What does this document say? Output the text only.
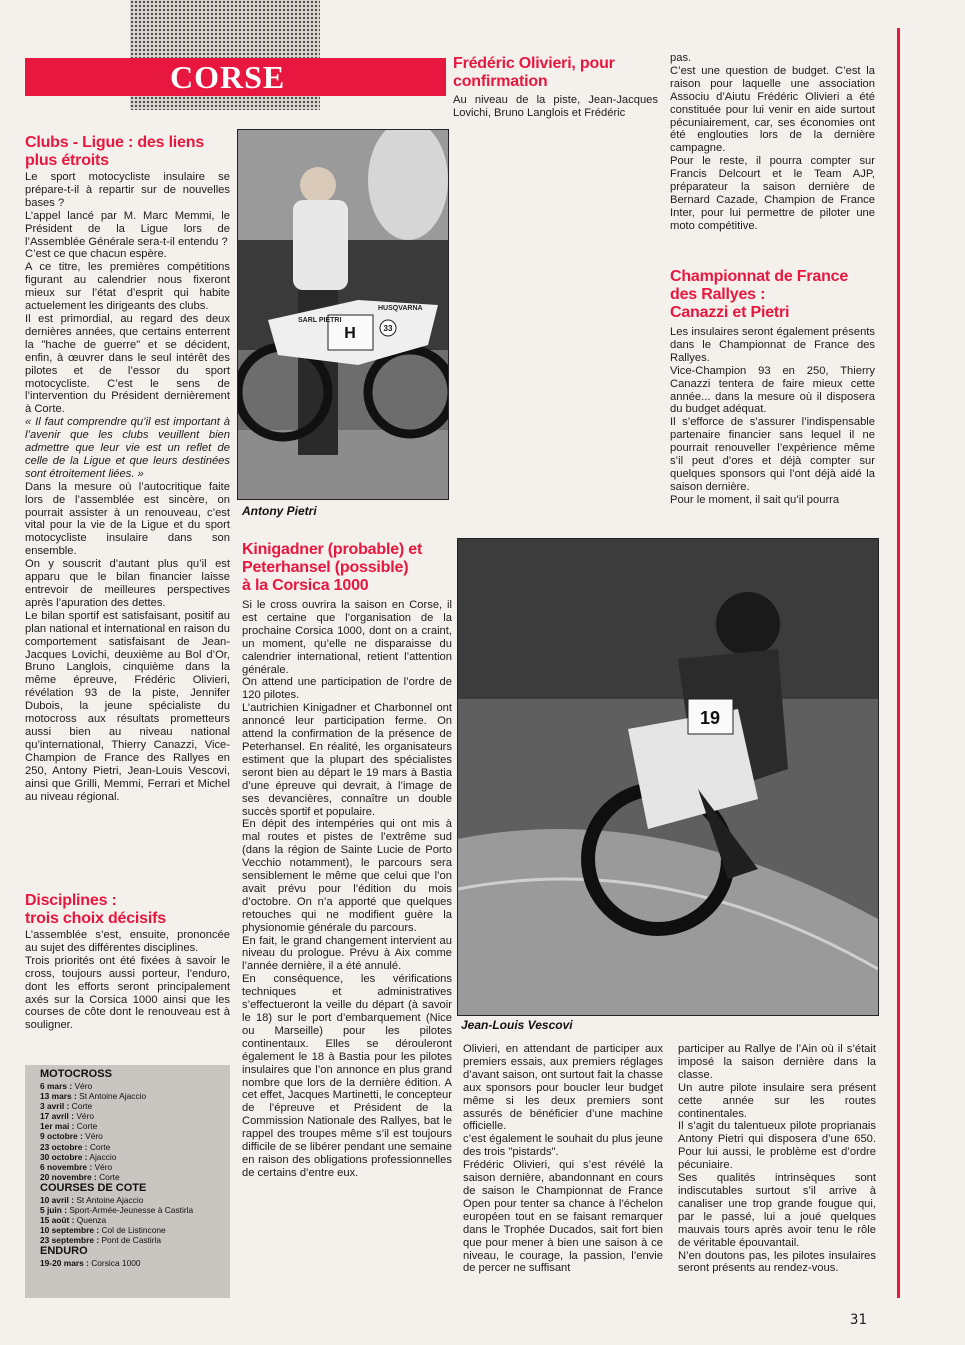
CORSE
Clubs - Ligue : des liens
plus étroits

Le sport motocycliste insulaire se prépare-t-il à repartir sur de nouvelles bases ?

L’appel lancé par M. Marc Memmi, le Président de la Ligue lors de l’Assemblée Générale sera-t-il entendu ?

C’est ce que chacun espère.

A ce titre, les premières compétitions figurant au calendrier nous fixeront mieux sur l’état d’esprit qui habite actuelement les dirigeants des clubs.

Il est primordial, au regard des deux dernières années, que certains enterrent la "hache de guerre" et se décident, enfin, à œuvrer dans le seul intérêt des pilotes et de l’essor du sport motocycliste. C’est le sens de l’intervention du Président dernièrement à Corte.

« Il faut comprendre qu’il est important à l’avenir que les clubs veuillent bien admettre que leur vie est un reflet de celle de la Ligue et que leurs destinées sont étroitement liées. »

Dans la mesure où l’autocritique faite lors de l’assemblée est sincère, on pourrait assister à un renouveau, c’est vital pour la vie de la Ligue et du sport motocycliste insulaire dans son ensemble.

On y souscrit d’autant plus qu’il est apparu que le bilan financier laisse entrevoir de meilleures perspectives après l’apuration des dettes.

Le bilan sportif est satisfaisant, positif au plan national et international en raison du comportement satisfaisant de Jean-Jacques Lovichi, deuxième au Bol d’Or, Bruno Langlois, cinquième dans la même épreuve, Frédéric Olivieri, révélation 93 de la piste, Jennifer Dubois, la jeune spécialiste du motocross aux résultats prometteurs aussi bien au niveau national qu’international, Thierry Canazzi, Vice-Champion de France des Rallyes en 250, Antony Pietri, Jean-Louis Vescovi, ainsi que Grilli, Memmi, Ferrari et Michel au niveau régional.

Disciplines :
trois choix décisifs

L’assemblée s’est, ensuite, prononcée au sujet des différentes disciplines.

Trois priorités ont été fixées à savoir le cross, toujours aussi porteur, l’enduro, dont les efforts seront principalement axés sur la Corsica 1000 ainsi que les courses de côte dont le renouveau est à souligner.

MOTOCROSS
6 mars : Véro
13 mars : St Antoine Ajaccio
3 avril : Corte
17 avril : Véro
1er mai : Corte
9 octobre : Véro
23 octobre : Corte
30 octobre : Ajaccio
6 novembre : Véro
20 novembre : Corte
COURSES DE COTE
10 avril : St Antoine Ajaccio
5 juin : Sport-Armée-Jeunesse à Castirla
15 août : Quenza
10 septembre : Col de Listincone
23 septembre : Pont de Castirla
ENDURO
19-20 mars : Corsica 1000
H
SARL PIETRI
HUSQVARNA
33
Antony Pietri
Frédéric Olivieri, pour
confirmation

Au niveau de la piste, Jean-Jacques Lovichi, Bruno Langlois et Frédéric

pas.

C’est une question de budget. C’est la raison pour laquelle une association Associu d’Aiutu Frédéric Olivieri a été constituée pour lui venir en aide surtout pécuniairement, car, ses économies ont été englouties lors de la dernière campagne.

Pour le reste, il pourra compter sur Francis Delcourt et le Team AJP, préparateur la saison dernière de Bernard Cazade, Champion de France Inter, pour lui permettre de piloter une moto compétitive.

Championnat de France
des Rallyes :
Canazzi et Pietri

Les insulaires seront également présents dans le Championnat de France des Rallyes.

Vice-Champion 93 en 250, Thierry Canazzi tentera de faire mieux cette année... dans la mesure où il disposera du budget adéquat.

Il s’efforce de s’assurer l’indispensable partenaire financier sans lequel il ne pourrait renouveller l’expérience même s’il peut d’ores et déjà compter sur quelques sponsors qui l’ont déjà aidé la saison dernière.

Pour le moment, il sait qu’il pourra

Kinigadner (probable) et
Peterhansel (possible)
à la Corsica 1000

Si le cross ouvrira la saison en Corse, il est certaine que l’organisation de la prochaine Corsica 1000, dont on a craint, un moment, qu’elle ne disparaisse du calendrier international, retient l’attention générale.

On attend une participation de l’ordre de 120 pilotes.

L’autrichien Kinigadner et Charbonnel ont annoncé leur participation ferme. On attend la confirmation de la présence de Peterhansel. En réalité, les organisateurs estiment que la plupart des spécialistes seront bien au départ le 19 mars à Bastia d’une épreuve qui devrait, à l’image de ses devancières, connaître un double succès sportif et populaire.

En dépit des intempéries qui ont mis à mal routes et pistes de l’extrême sud (dans la région de Sainte Lucie de Porto Vecchio notamment), le parcours sera sensiblement le même que celui que l’on avait prévu pour l’édition du mois d’octobre. On n’a apporté que quelques retouches qui ne modifient guère la physionomie générale du parcours.

En fait, le grand changement intervient au niveau du prologue. Prévu à Aix comme l’année dernière, il a été annulé.

En conséquence, les vérifications techniques et administratives s’effectueront la veille du départ (à savoir le 18) sur le port d’embarquement (Nice ou Marseille) pour les pilotes continentaux. Elles se dérouleront également le 18 à Bastia pour les pilotes insulaires que l’on annonce en plus grand nombre que lors de la dernière édition. A cet effet, Jacques Martinetti, le concepteur de l’épreuve et Président de la Commission Nationale des Rallyes, bat le rappel des troupes même s’il est toujours difficile de se libérer pendant une semaine en raison des obligations professionnelles de certains d’entre eux.

19
Jean-Louis Vescovi

Olivieri, en attendant de participer aux premiers essais, aux premiers réglages d’avant saison, ont surtout fait la chasse aux sponsors pour boucler leur budget même si les deux premiers sont assurés de bénéficier d’une machine officielle.

c’est également le souhait du plus jeune des trois "pistards".

Frédéric Olivieri, qui s’est révélé la saison dernière, abandonnant en cours de saison le Championnat de France Open pour tenter sa chance à l’échelon européen tout en se faisant remarquer dans le Trophée Ducados, sait fort bien que pour mener à bien une saison à ce niveau, le courage, la passion, l’envie de percer ne suffisant

participer au Rallye de l’Ain où il s’était imposé la saison dernière dans la classe.

Un autre pilote insulaire sera présent cette année sur les routes continentales.

Il s’agit du talentueux pilote proprianais Antony Pietri qui disposera d’une 650. Pour lui aussi, le problème est d’ordre pécuniaire.

Ses qualités intrinsèques sont indiscutables surtout s’il arrive à canaliser une trop grande fougue qui, par le passé, lui a joué quelques mauvais tours après avoir tenu le rôle de véritable épouvantail.

N’en doutons pas, les pilotes insulaires seront présents au rendez-vous.

31
